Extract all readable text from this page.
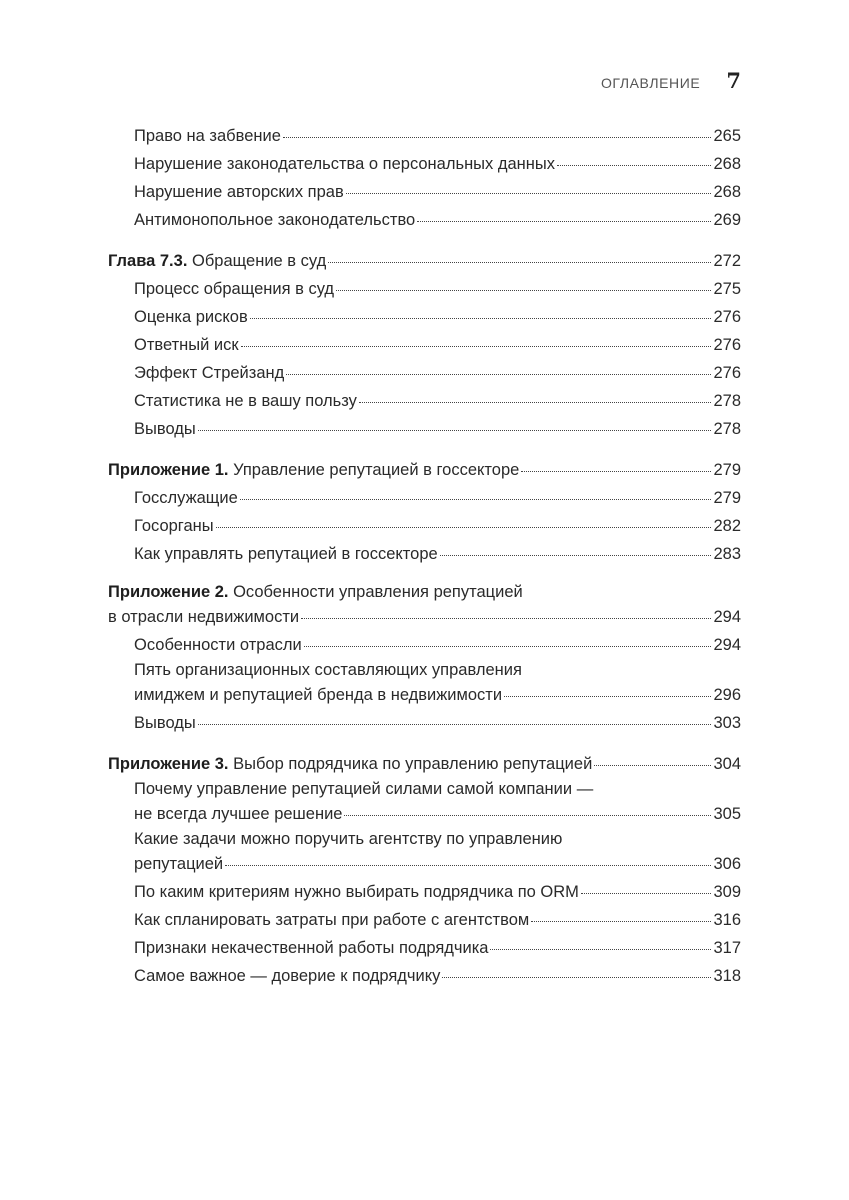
ОГЛАВЛЕНИЕ 7
Право на забвение	265
Нарушение законодательства о персональных данных	268
Нарушение авторских прав	268
Антимонопольное законодательство	269
Глава 7.3. Обращение в суд	272
Процесс обращения в суд	275
Оценка рисков	276
Ответный иск	276
Эффект Стрейзанд	276
Статистика не в вашу пользу	278
Выводы	278
Приложение 1. Управление репутацией в госсекторе	279
Госслужащие	279
Госорганы	282
Как управлять репутацией в госсекторе	283
Приложение 2. Особенности управления репутацией
в отрасли недвижимости	294
Особенности отрасли	294
Пять организационных составляющих управления
имиджем и репутацией бренда в недвижимости	296
Выводы	303
Приложение 3. Выбор подрядчика по управлению репутацией	304
Почему управление репутацией силами самой компании —
не всегда лучшее решение	305
Какие задачи можно поручить агентству по управлению
репутацией	306
По каким критериям нужно выбирать подрядчика по ORM	309
Как спланировать затраты при работе с агентством	316
Признаки некачественной работы подрядчика	317
Самое важное — доверие к подрядчику	318
